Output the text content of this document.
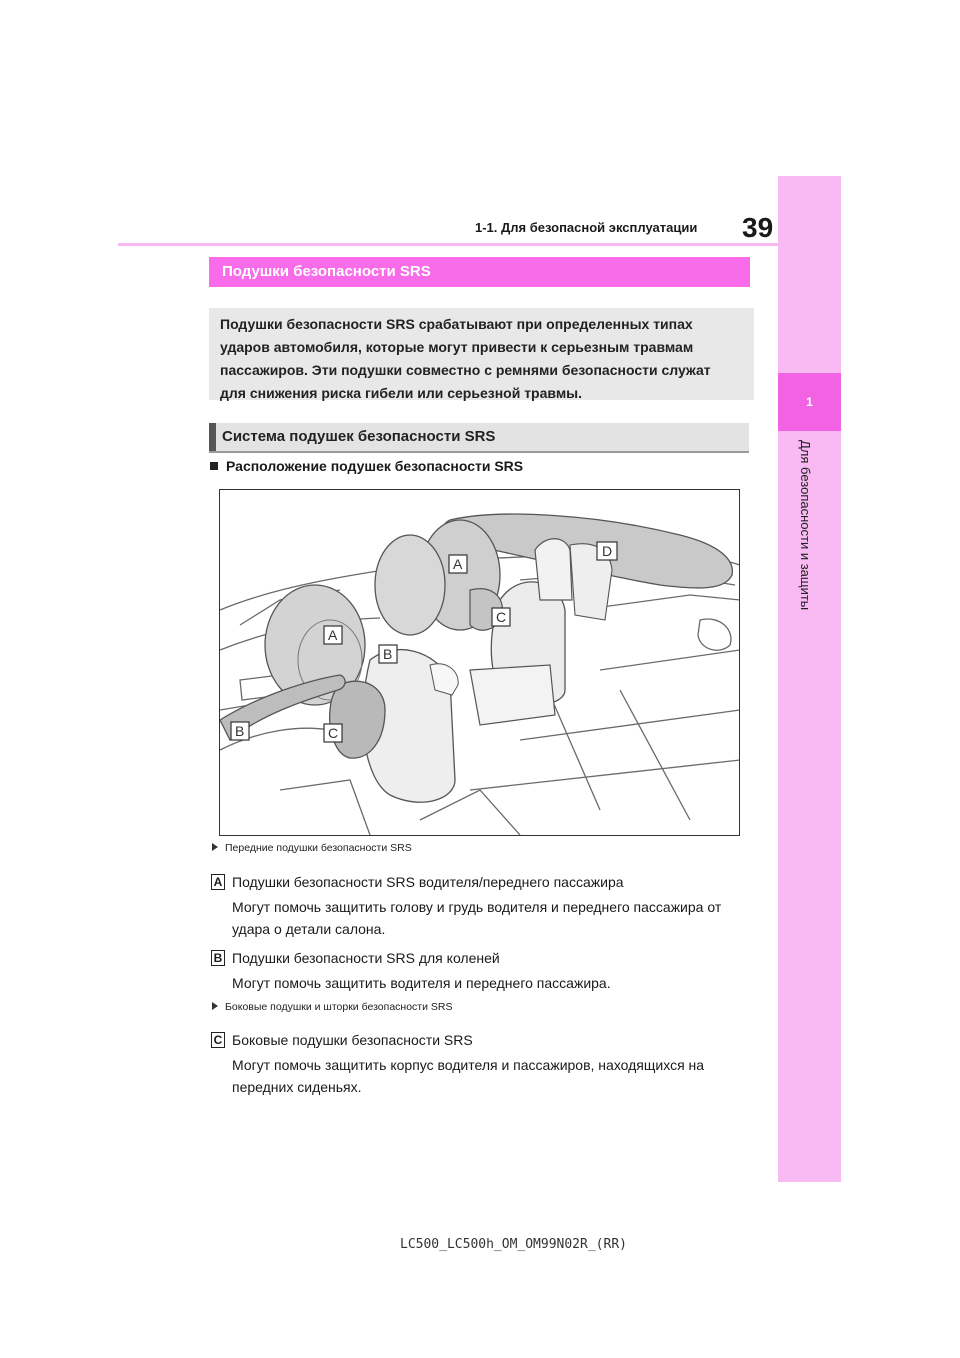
39
1-1. Для безопасной эксплуатации
1
Для безопасности и защиты
Подушки безопасности SRS
Подушки безопасности SRS срабатывают при определенных типах
ударов автомобиля, которые могут привести к серьезным травмам
пассажиров. Эти подушки совместно с ремнями безопасности служат
для снижения риска гибели или серьезной травмы.
Система подушек безопасности SRS
Расположение подушек безопасности SRS
A
D
C
A
B
B	C
Передние подушки безопасности SRS
A Подушки безопасности SRS водителя/переднего пассажира
Могут помочь защитить голову и грудь водителя и переднего пассажира от удара о детали салона.
B Подушки безопасности SRS для коленей
Могут помочь защитить водителя и переднего пассажира.
Боковые подушки и шторки безопасности SRS
C Боковые подушки безопасности SRS
Могут помочь защитить корпус водителя и пассажиров, находящихся на передних сиденьях.
LC500_LC500h_OM_OM99N02R_(RR)
